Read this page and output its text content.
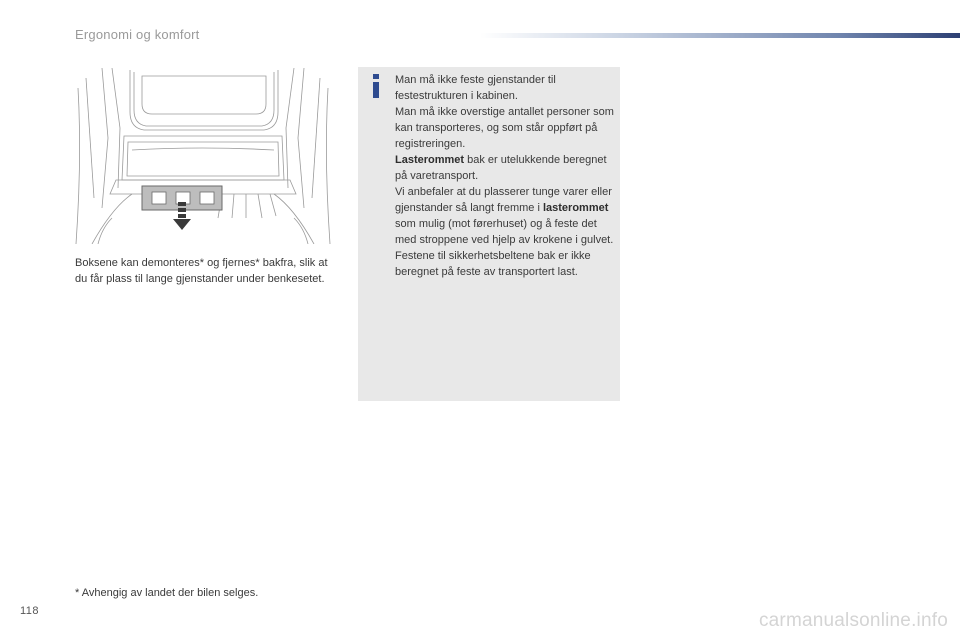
Ergonomi og komfort
Boksene kan demonteres* og fjernes* bakfra, slik at du får plass til lange gjenstander under benkesetet.

Man må ikke feste gjenstander til festestrukturen i kabinen.

Man må ikke overstige antallet personer som kan transporteres, og som står oppført på registreringen.

Lasterommet bak er utelukkende beregnet på varetransport.

Vi anbefaler at du plasserer tunge varer eller gjenstander så langt fremme i lasterommet som mulig (mot førerhuset) og å feste det med stroppene ved hjelp av krokene i gulvet.

Festene til sikkerhetsbeltene bak er ikke beregnet på feste av transportert last.

* Avhengig av landet der bilen selges.
118	carmanualsonline.info
